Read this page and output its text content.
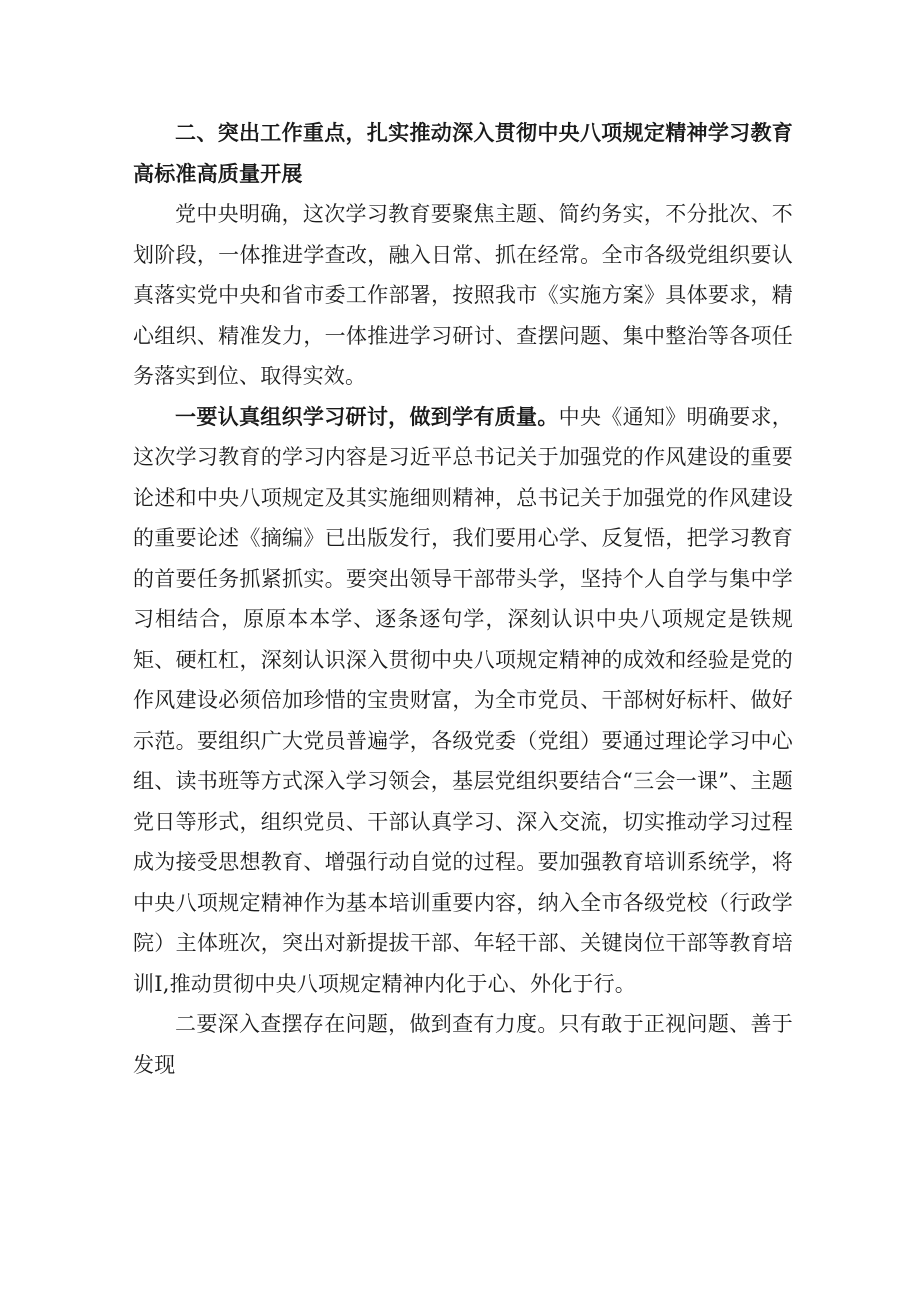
二、突出工作重点，扎实推动深入贯彻中央八项规定精神学习教育高标准高质量开展

党中央明确，这次学习教育要聚焦主题、简约务实，不分批次、不划阶段，一体推进学查改，融入日常、抓在经常。全市各级党组织要认真落实党中央和省市委工作部署，按照我市《实施方案》具体要求，精心组织、精准发力，一体推进学习研讨、查摆问题、集中整治等各项任务落实到位、取得实效。

一要认真组织学习研讨，做到学有质量。中央《通知》明确要求，这次学习教育的学习内容是习近平总书记关于加强党的作风建设的重要论述和中央八项规定及其实施细则精神，总书记关于加强党的作风建设的重要论述《摘编》已出版发行，我们要用心学、反复悟，把学习教育的首要任务抓紧抓实。要突出领导干部带头学，坚持个人自学与集中学习相结合，原原本本学、逐条逐句学，深刻认识中央八项规定是铁规矩、硬杠杠，深刻认识深入贯彻中央八项规定精神的成效和经验是党的作风建设必须倍加珍惜的宝贵财富，为全市党员、干部树好标杆、做好示范。要组织广大党员普遍学，各级党委（党组）要通过理论学习中心组、读书班等方式深入学习领会，基层党组织要结合“三会一课”、主题党日等形式，组织党员、干部认真学习、深入交流，切实推动学习过程成为接受思想教育、增强行动自觉的过程。要加强教育培训系统学，将中央八项规定精神作为基本培训重要内容，纳入全市各级党校（行政学院）主体班次，突出对新提拔干部、年轻干部、关键岗位干部等教育培训I,推动贯彻中央八项规定精神内化于心、外化于行。

二要深入查摆存在问题，做到查有力度。只有敢于正视问题、善于发现
